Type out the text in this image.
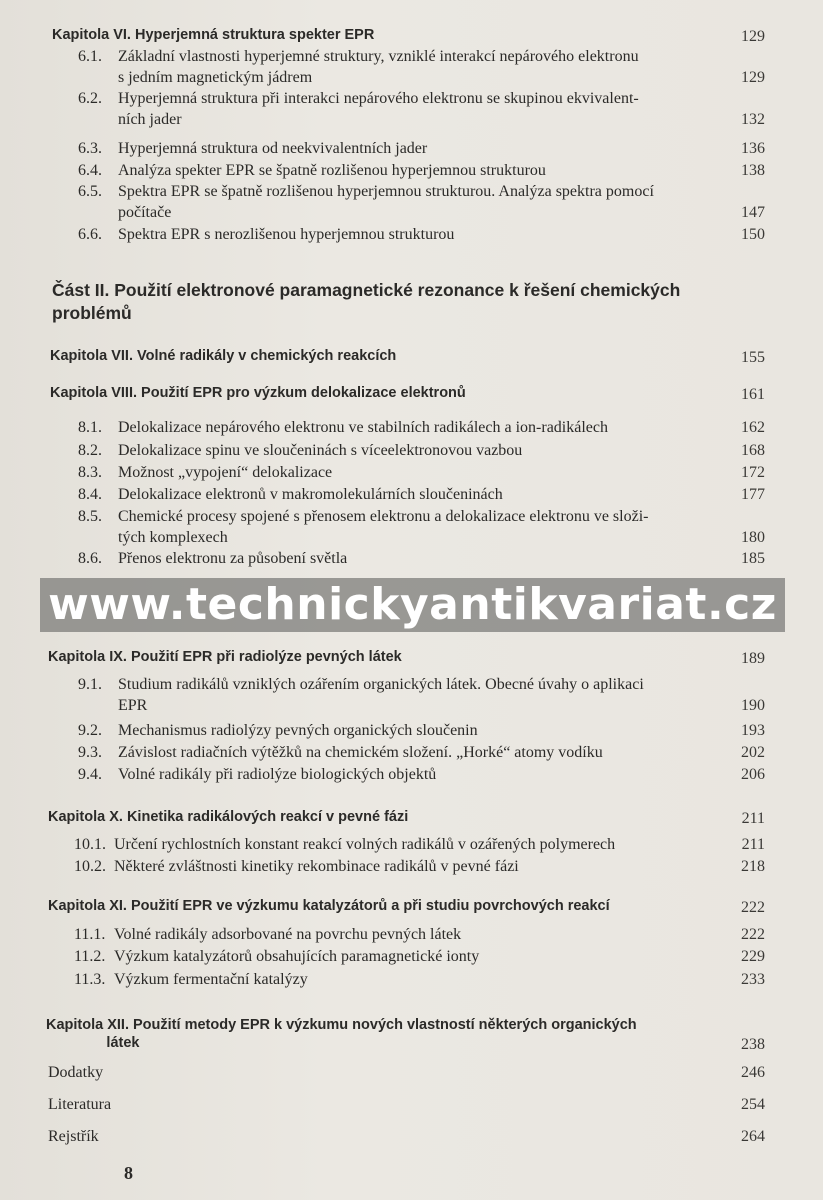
Kapitola VI. Hyperjemná struktura spekter EPR	129
6.1. Základní vlastnosti hyperjemné struktury, vzniklé interakcí nepárového elektronu
s jedním magnetickým jádrem	129
6.2. Hyperjemná struktura při interakci nepárového elektronu se skupinou ekvivalent-
ních jader	132
6.3. Hyperjemná struktura od neekvivalentních jader	136
6.4. Analýza spekter EPR se špatně rozlišenou hyperjemnou strukturou	138
6.5. Spektra EPR se špatně rozlišenou hyperjemnou strukturou. Analýza spektra pomocí
počítače	147
6.6. Spektra EPR s nerozlišenou hyperjemnou strukturou	150
Část II. Použití elektronové paramagnetické rezonance k řešení chemických
problémů
Kapitola VII. Volné radikály v chemických reakcích	155
Kapitola VIII. Použití EPR pro výzkum delokalizace elektronů	161
8.1. Delokalizace nepárového elektronu ve stabilních radikálech a ion-radikálech	162
8.2. Delokalizace spinu ve sloučeninách s víceelektronovou vazbou	168
8.3. Možnost „vypojení“ delokalizace	172
8.4. Delokalizace elektronů v makromolekulárních sloučeninách	177
8.5. Chemické procesy spojené s přenosem elektronu a delokalizace elektronu ve složi-
tých komplexech	180
8.6. Přenos elektronu za působení světla	185
Kapitola IX. Použití EPR při radiolýze pevných látek	189
9.1. Studium radikálů vzniklých ozářením organických látek. Obecné úvahy o aplikaci
EPR	190
9.2. Mechanismus radiolýzy pevných organických sloučenin	193
9.3. Závislost radiačních výtěžků na chemickém složení. „Horké“ atomy vodíku	202
9.4. Volné radikály při radiolýze biologických objektů	206
Kapitola X. Kinetika radikálových reakcí v pevné fázi	211
10.1. Určení rychlostních konstant reakcí volných radikálů v ozářených polymerech	211
10.2. Některé zvláštnosti kinetiky rekombinace radikálů v pevné fázi	218
Kapitola XI. Použití EPR ve výzkumu katalyzátorů a při studiu povrchových reakcí	222
11.1. Volné radikály adsorbované na povrchu pevných látek	222
11.2. Výzkum katalyzátorů obsahujících paramagnetické ionty	229
11.3. Výzkum fermentační katalýzy	233
Kapitola XII. Použití metody EPR k výzkumu nových vlastností některých organických
látek	238
Dodatky	246
Literatura	254
Rejstřík	264
8
www.technickyantikvariat.cz
